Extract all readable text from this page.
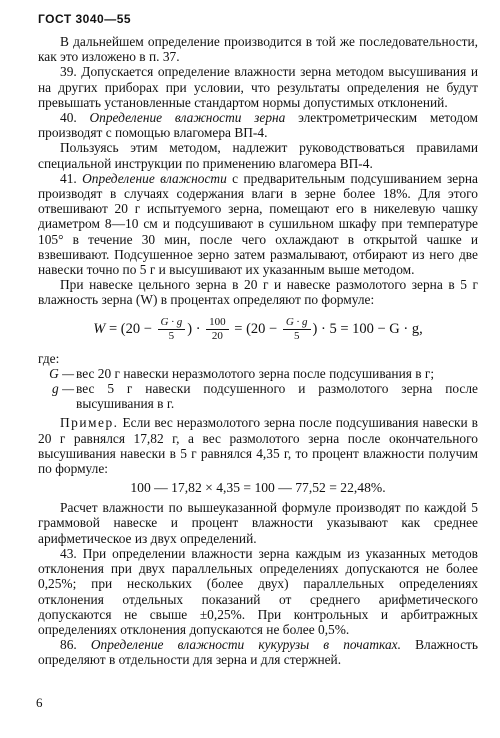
ГОСТ 3040—55

В дальнейшем определение производится в той же последовательности, как это изложено в п. 37.

39. Допускается определение влажности зерна методом высушивания и на других приборах при условии, что результаты определения не будут превышать установленные стандартом нормы допустимых отклонений.

40. Определение влажности зерна электрометрическим методом производят с помощью влагомера ВП-4.

Пользуясь этим методом, надлежит руководствоваться правилами специальной инструкции по применению влагомера ВП-4.

41. Определение влажности с предварительным подсушиванием зерна производят в случаях содержания влаги в зерне более 18%. Для этого отвешивают 20 г испытуемого зерна, помещают его в никелевую чашку диаметром 8—10 см и подсушивают в сушильном шкафу при температуре 105° в течение 30 мин, после чего охлаждают в открытой чашке и взвешивают. Подсушенное зерно затем размалывают, отбирают из него две навески точно по 5 г и высушивают их указанным выше методом.

При навеске цельного зерна в 20 г и навеске размолотого зерна в 5 г влажность зерна (W) в процентах определяют по формуле:

$W = (20 - \frac{G \cdot g}{5}$ ) · $\frac{100}{20} = (20 - \frac{G \cdot g}{5}$ ) · 5 = 100 − G · g,

где:

G — вес 20 г навески неразмолотого зерна после подсушивания в г;
g — вес 5 г навески подсушенного и размолотого зерна после высушивания в г.

Пример. Если вес неразмолотого зерна после подсушивания навески в 20 г равнялся 17,82 г, а вес размолотого зерна после окончательного высушивания навески в 5 г равнялся 4,35 г, то процент влажности получим по формуле:

100 — 17,82 × 4,35 = 100 — 77,52 = 22,48%.

Расчет влажности по вышеуказанной формуле производят по каждой 5 граммовой навеске и процент влажности указывают как среднее арифметическое из двух определений.

43. При определении влажности зерна каждым из указанных методов отклонения при двух параллельных определениях допускаются не более 0,25%; при нескольких (более двух) параллельных определениях отклонения отдельных показаний от среднего арифметического допускаются не свыше ±0,25%. При контрольных и арбитражных определениях отклонения допускаются не более 0,5%.

86. Определение влажности кукурузы в початках. Влажность определяют в отдельности для зерна и для стержней.

6
